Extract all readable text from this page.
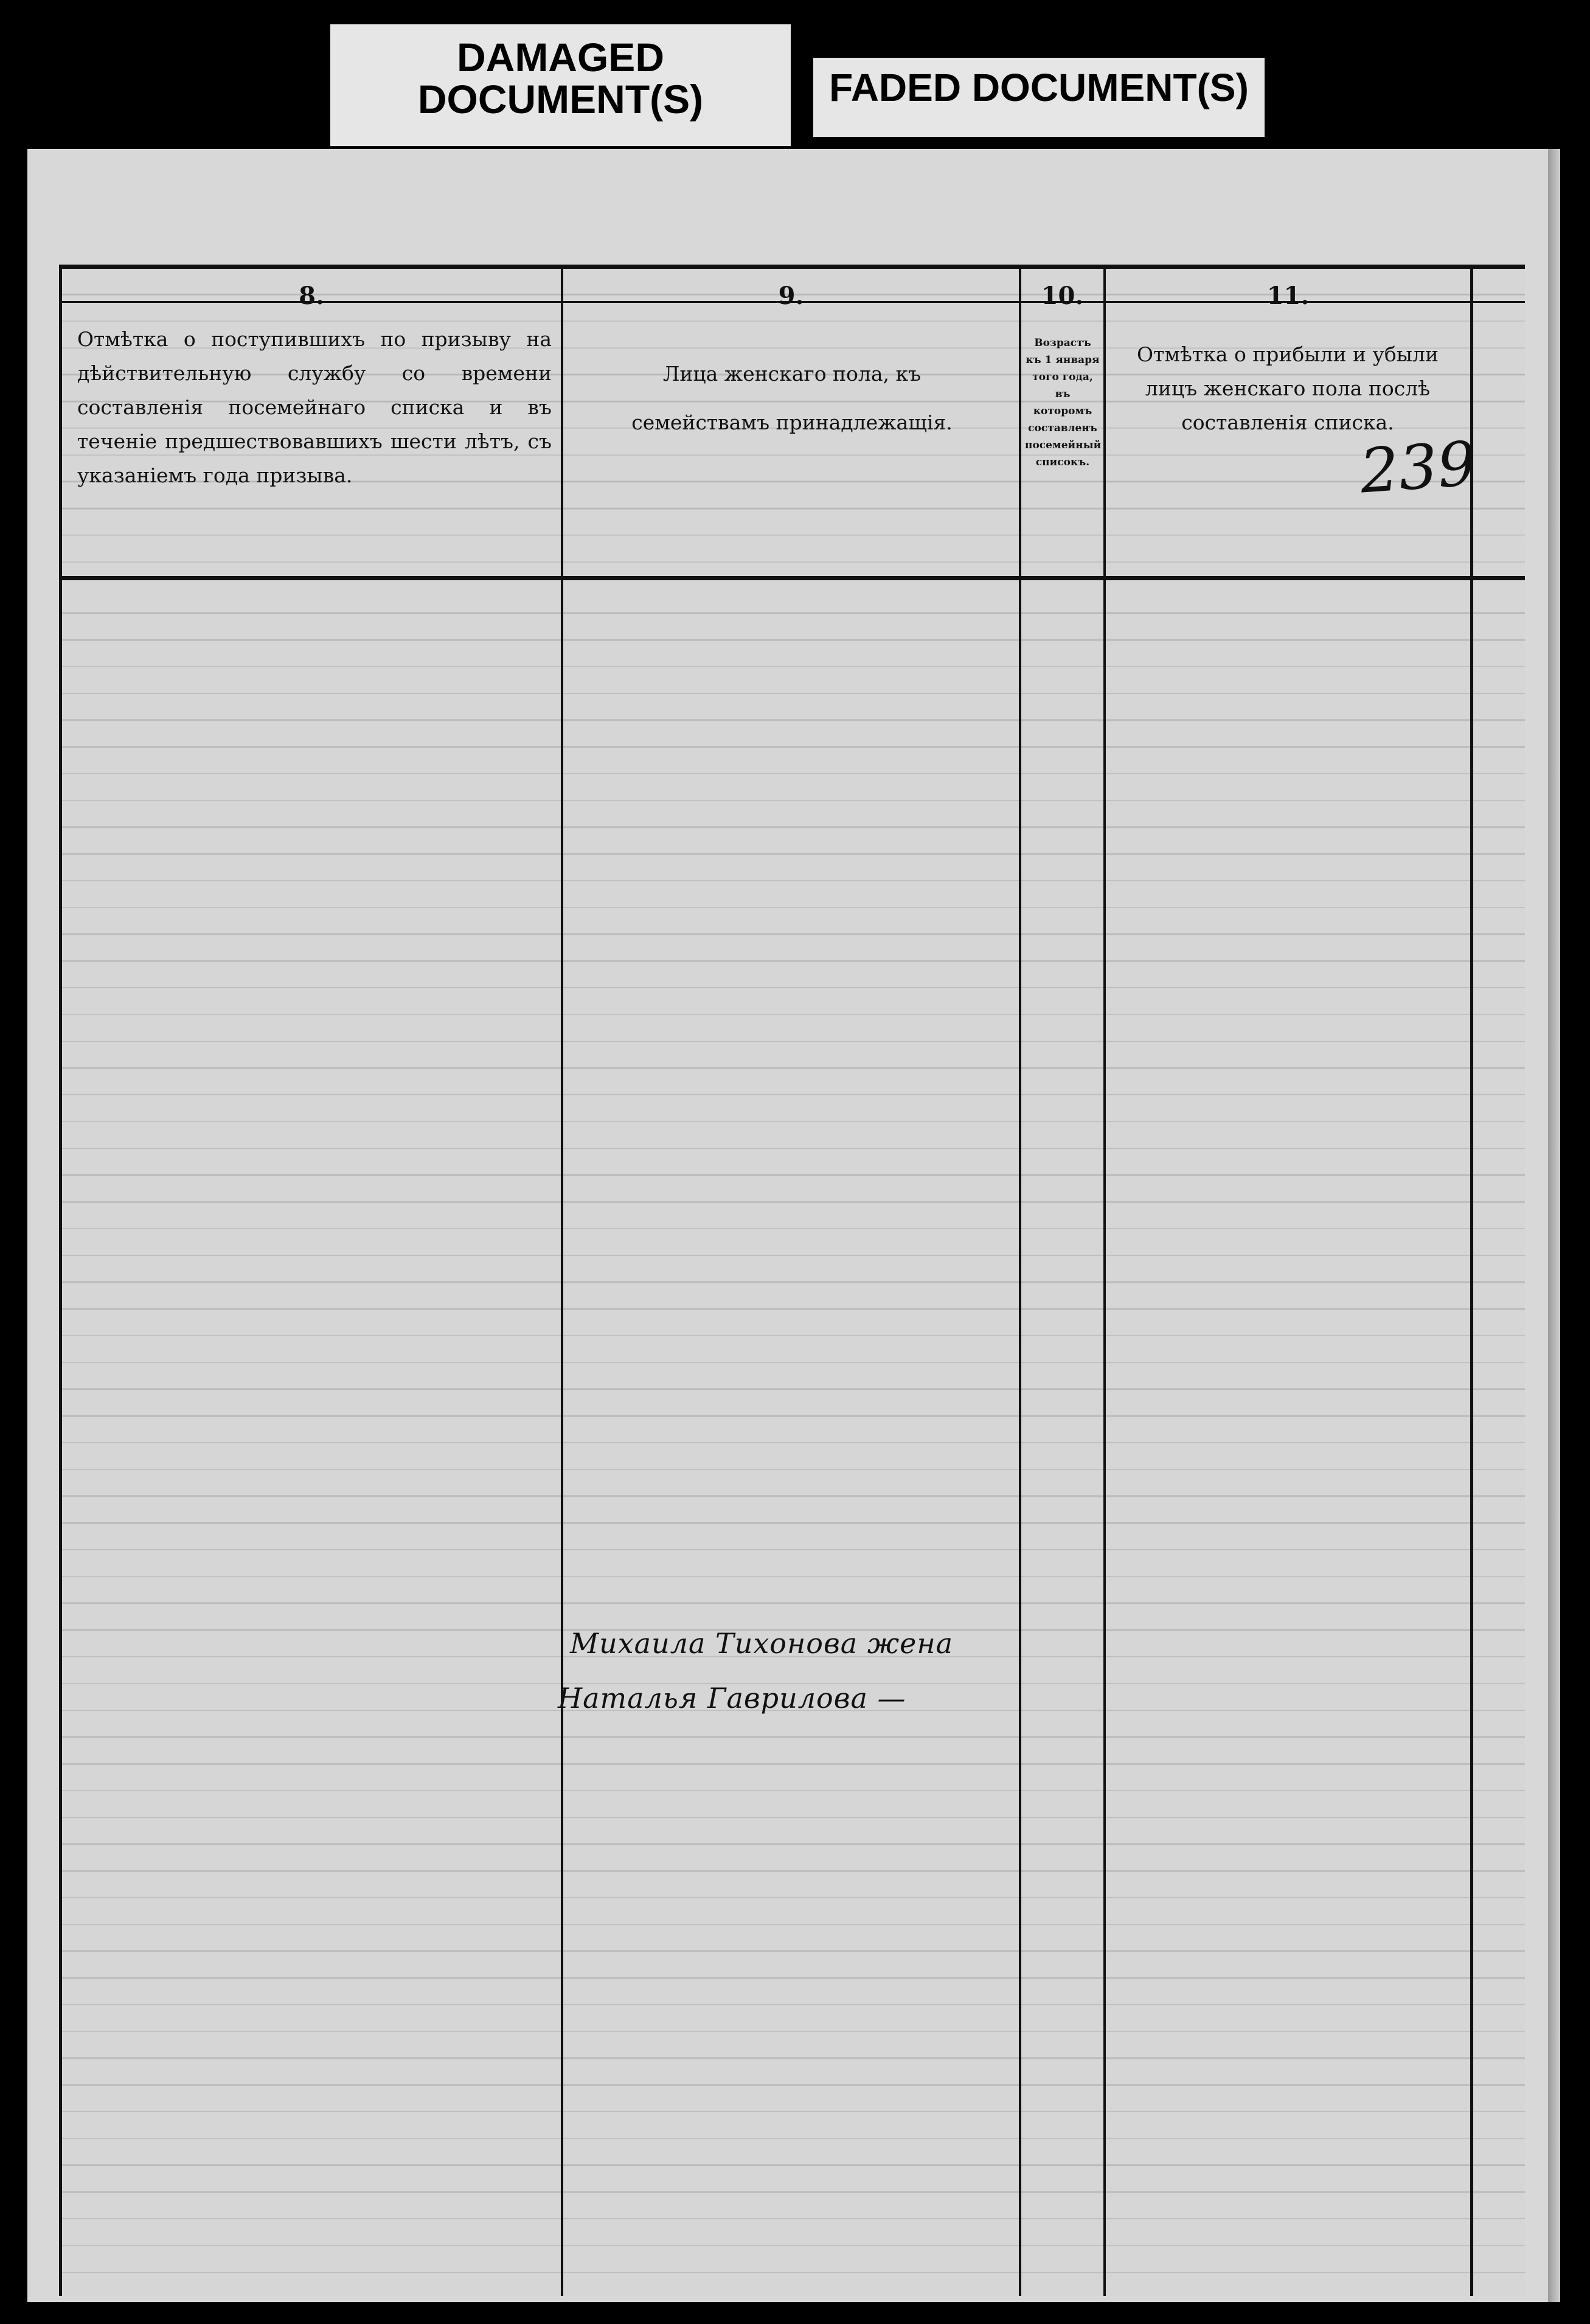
DAMAGED DOCUMENT(S)	FADED DOCUMENT(S)
8.	9.	10.	11.
Отмѣтка о поступившихъ по призыву на дѣйствительную службу со времени составленія посемейнаго списка и въ теченіе предшествовавшихъ шести лѣтъ, съ указаніемъ года призыва.
Лица женскаго пола, къ семействамъ принадлежащія.
Возрастъ къ 1 января того года, въ которомъ составленъ посемейный списокъ.
Отмѣтка о прибыли и убыли лицъ женскаго пола послѣ составленія списка.
239
Михаила Тихонова жена
Наталья Гаврилова —
